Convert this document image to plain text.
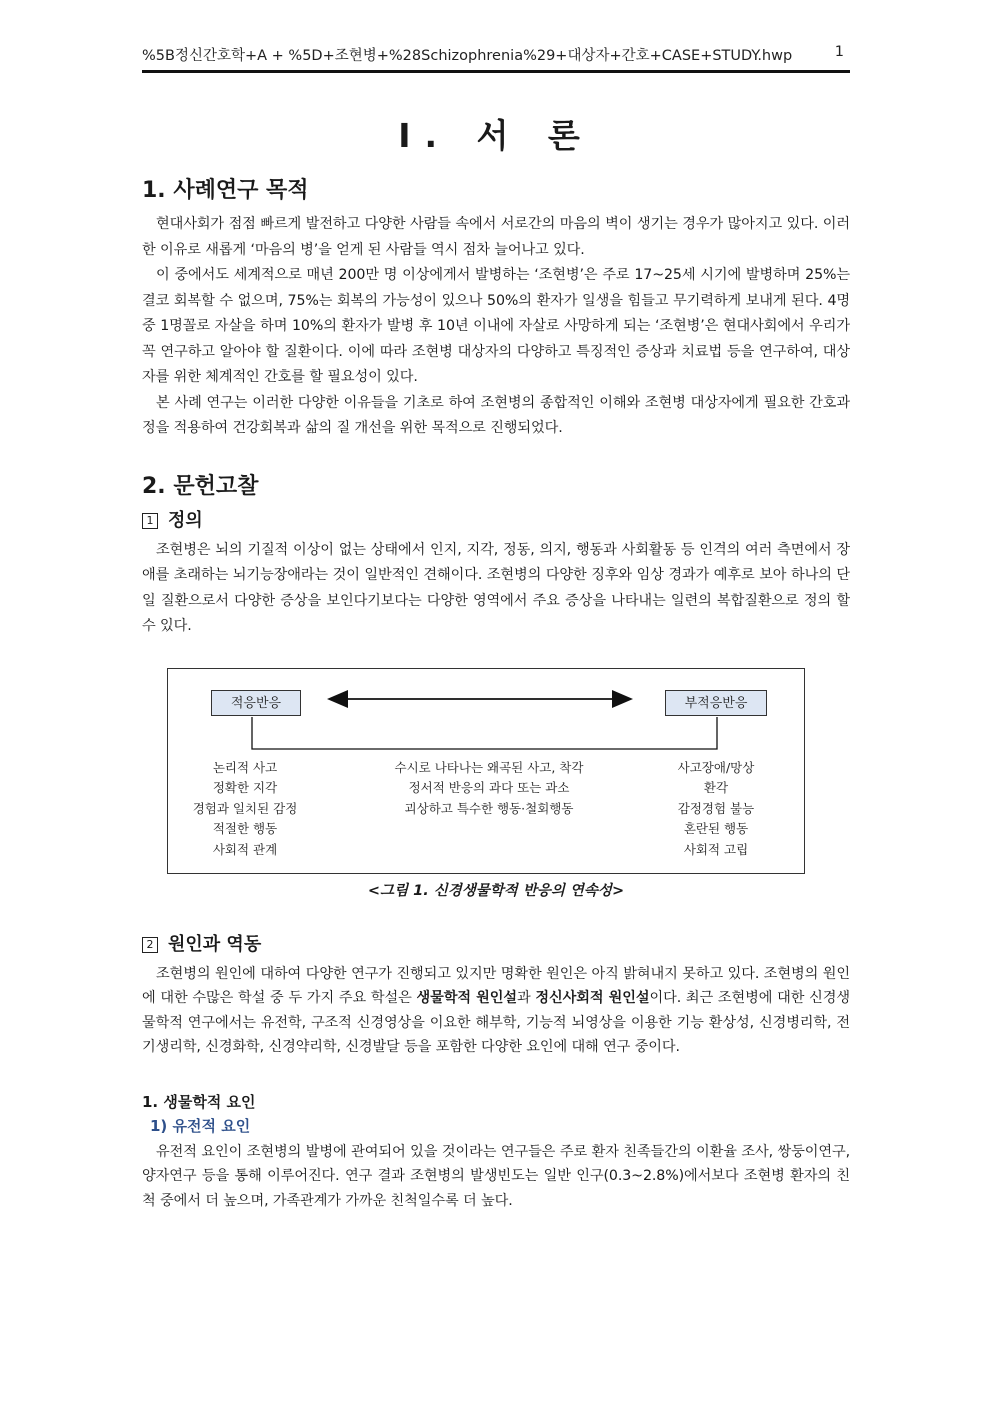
%5B정신간호학+A + %5D+조현병+%28Schizophrenia%29+대상자+간호+CASE+STUDY.hwp	1
I. 서 론
1. 사례연구 목적

현대사회가 점점 빠르게 발전하고 다양한 사람들 속에서 서로간의 마음의 벽이 생기는 경우가 많아지고 있다. 이러한 이유로 새롭게 ‘마음의 병’을 얻게 된 사람들 역시 점차 늘어나고 있다.

이 중에서도 세계적으로 매년 200만 명 이상에게서 발병하는 ‘조현병’은 주로 17~25세 시기에 발병하며 25%는 결코 회복할 수 없으며, 75%는 회복의 가능성이 있으나 50%의 환자가 일생을 힘들고 무기력하게 보내게 된다. 4명중 1명꼴로 자살을 하며 10%의 환자가 발병 후 10년 이내에 자살로 사망하게 되는 ‘조현병’은 현대사회에서 우리가 꼭 연구하고 알아야 할 질환이다. 이에 따라 조현병 대상자의 다양하고 특징적인 증상과 치료법 등을 연구하여, 대상자를 위한 체계적인 간호를 할 필요성이 있다.

본 사례 연구는 이러한 다양한 이유들을 기초로 하여 조현병의 종합적인 이해와 조현병 대상자에게 필요한 간호과정을 적용하여 건강회복과 삶의 질 개선을 위한 목적으로 진행되었다.

2. 문헌고찰
1 정의

조현병은 뇌의 기질적 이상이 없는 상태에서 인지, 지각, 정동, 의지, 행동과 사회활동 등 인격의 여러 측면에서 장애를 초래하는 뇌기능장애라는 것이 일반적인 견해이다. 조현병의 다양한 징후와 임상 경과가 예후로 보아 하나의 단일 질환으로서 다양한 증상을 보인다기보다는 다양한 영역에서 주요 증상을 나타내는 일련의 복합질환으로 정의 할 수 있다.

적응반응	부적응반응
논리적 사고
정확한 지각
경험과 일치된 감정
적절한 행동
사회적 관계
수시로 나타나는 왜곡된 사고, 착각
정서적 반응의 과다 또는 과소
괴상하고 특수한 행동·철회행동
사고장애/망상
환각
감정경험 불능
혼란된 행동
사회적 고립
<그림 1. 신경생물학적 반응의 연속성>
2 원인과 역동

조현병의 원인에 대하여 다양한 연구가 진행되고 있지만 명확한 원인은 아직 밝혀내지 못하고 있다. 조현병의 원인에 대한 수많은 학설 중 두 가지 주요 학설은 생물학적 원인설과 정신사회적 원인설이다. 최근 조현병에 대한 신경생물학적 연구에서는 유전학, 구조적 신경영상을 이요한 해부학, 기능적 뇌영상을 이용한 기능 환상성, 신경병리학, 전기생리학, 신경화학, 신경약리학, 신경발달 등을 포함한 다양한 요인에 대해 연구 중이다.

1. 생물학적 요인
1) 유전적 요인

유전적 요인이 조현병의 발병에 관여되어 있을 것이라는 연구들은 주로 환자 친족들간의 이환율 조사, 쌍둥이연구, 양자연구 등을 통해 이루어진다. 연구 결과 조현병의 발생빈도는 일반 인구(0.3~2.8%)에서보다 조현병 환자의 친척 중에서 더 높으며, 가족관계가 가까운 친척일수록 더 높다.
